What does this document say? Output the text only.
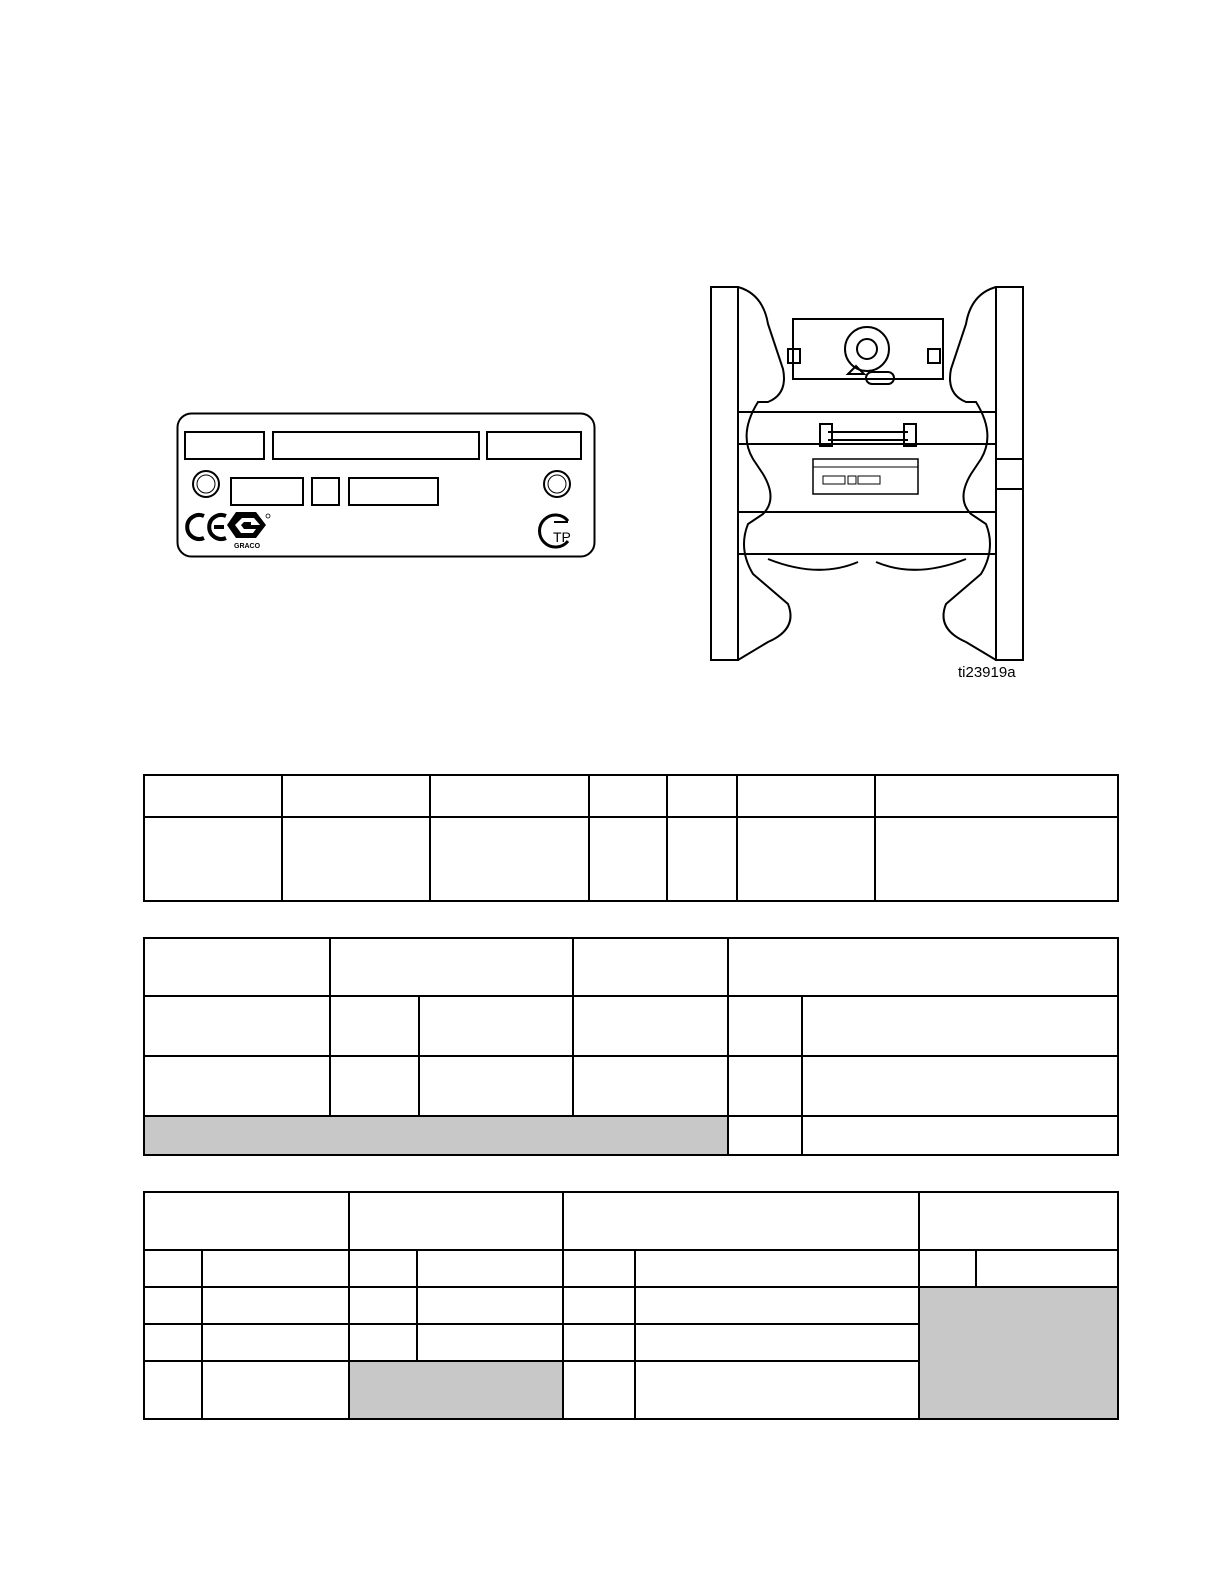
GRACO
TP
ti23919a
